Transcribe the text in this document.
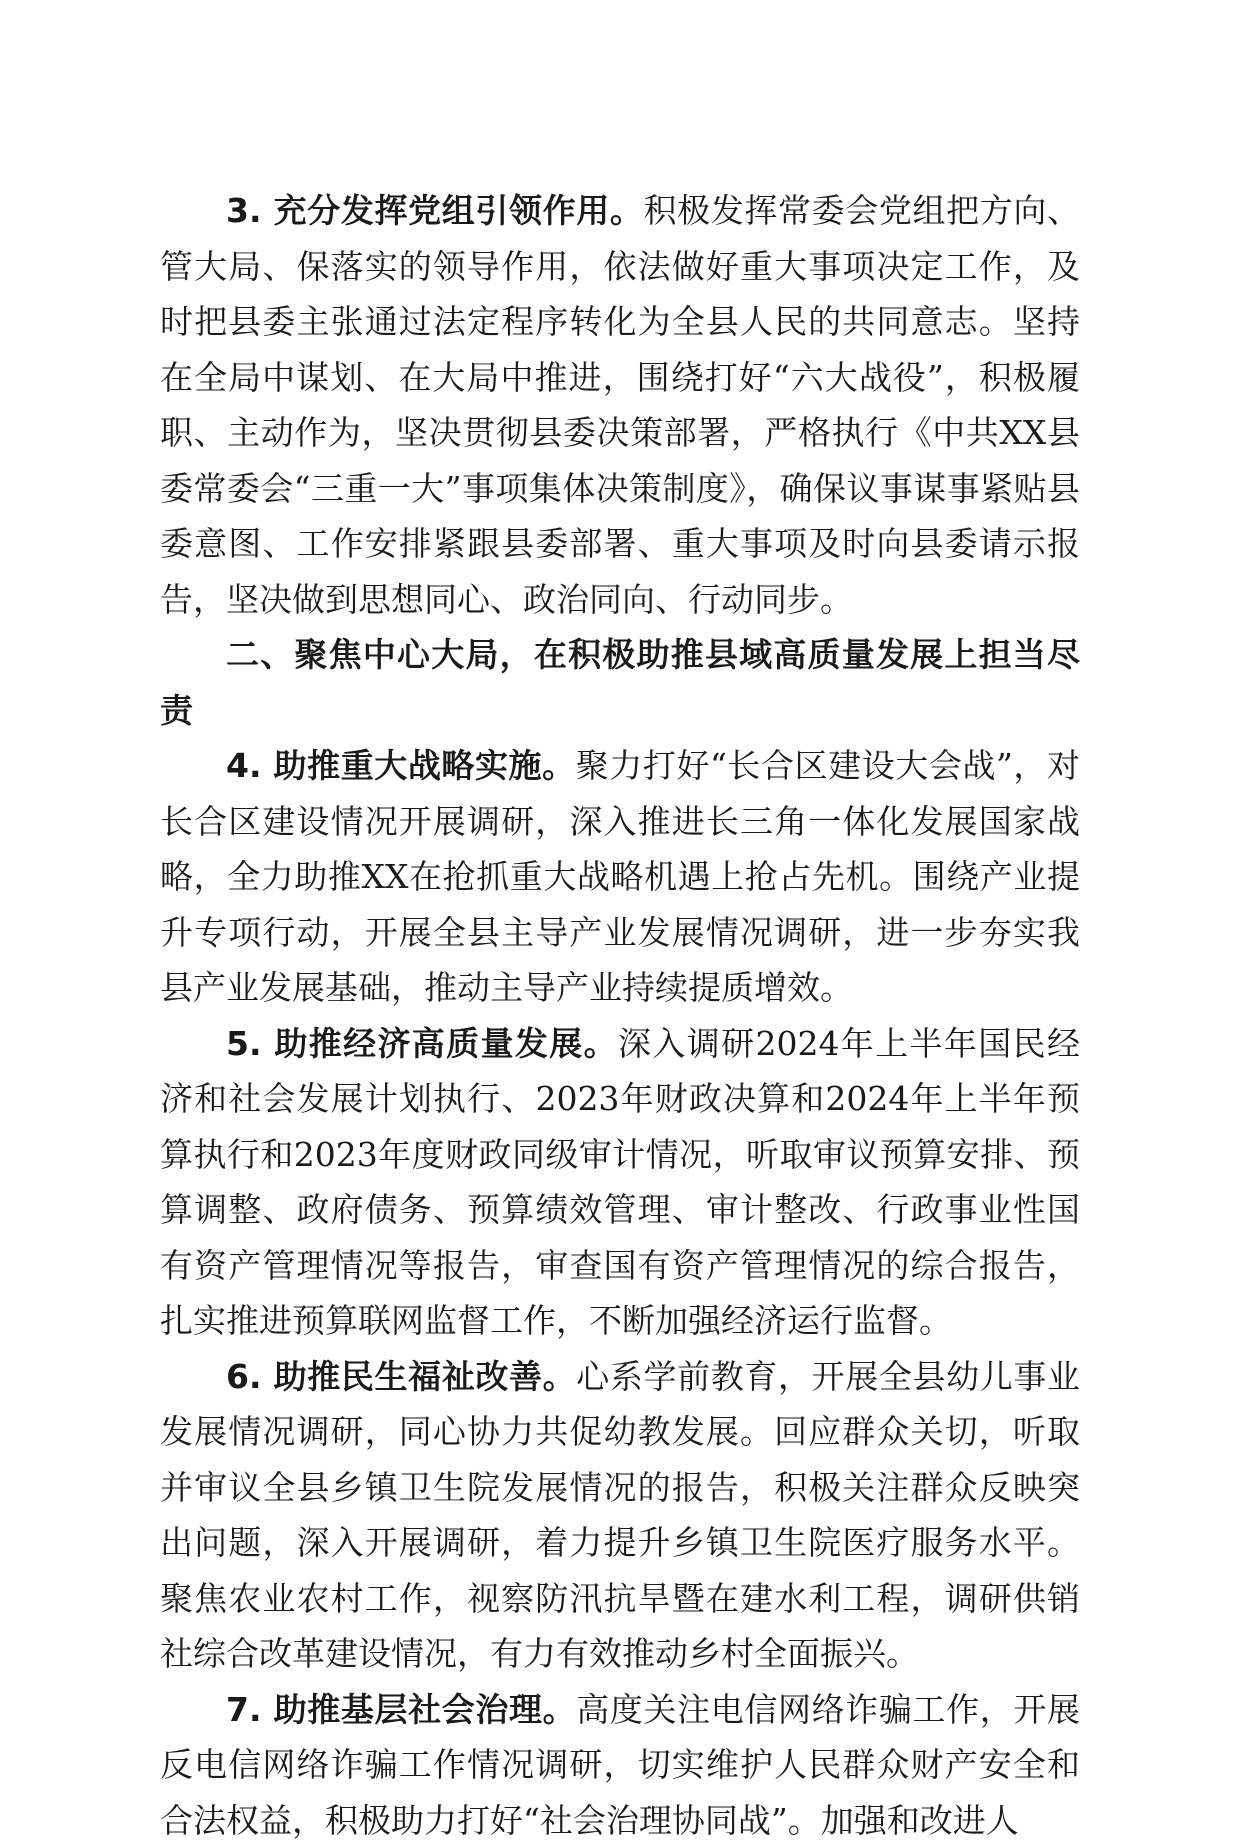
3. 充分发挥党组引领作用。积极发挥常委会党组把方向、管大局、保落实的领导作用，依法做好重大事项决定工作，及时把县委主张通过法定程序转化为全县人民的共同意志。坚持在全局中谋划、在大局中推进，围绕打好“六大战役”，积极履职、主动作为，坚决贯彻县委决策部署，严格执行《中共XX县委常委会“三重一大”事项集体决策制度》，确保议事谋事紧贴县委意图、工作安排紧跟县委部署、重大事项及时向县委请示报告，坚决做到思想同心、政治同向、行动同步。

二、聚焦中心大局，在积极助推县域高质量发展上担当尽责

4. 助推重大战略实施。聚力打好“长合区建设大会战”，对长合区建设情况开展调研，深入推进长三角一体化发展国家战略，全力助推XX在抢抓重大战略机遇上抢占先机。围绕产业提升专项行动，开展全县主导产业发展情况调研，进一步夯实我县产业发展基础，推动主导产业持续提质增效。

5. 助推经济高质量发展。深入调研2024年上半年国民经济和社会发展计划执行、2023年财政决算和2024年上半年预算执行和2023年度财政同级审计情况，听取审议预算安排、预算调整、政府债务、预算绩效管理、审计整改、行政事业性国有资产管理情况等报告，审查国有资产管理情况的综合报告，扎实推进预算联网监督工作，不断加强经济运行监督。

6. 助推民生福祉改善。心系学前教育，开展全县幼儿事业发展情况调研，同心协力共促幼教发展。回应群众关切，听取并审议全县乡镇卫生院发展情况的报告，积极关注群众反映突出问题，深入开展调研，着力提升乡镇卫生院医疗服务水平。聚焦农业农村工作，视察防汛抗旱暨在建水利工程，调研供销社综合改革建设情况，有力有效推动乡村全面振兴。

7. 助推基层社会治理。高度关注电信网络诈骗工作，开展反电信网络诈骗工作情况调研，切实维护人民群众财产安全和合法权益，积极助力打好“社会治理协同战”。加强和改进人
